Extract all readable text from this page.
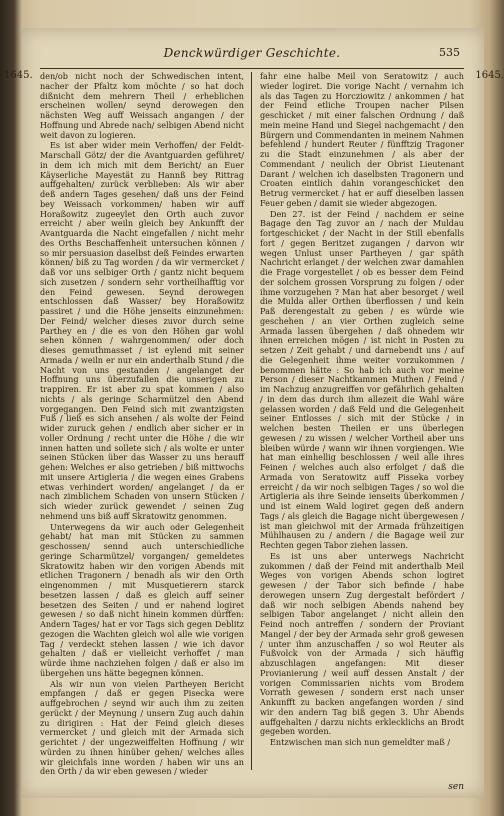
Denckwürdiger Geschichte.	535
1645.	1645.

den/ob nicht noch der Schwedischen intent, nacher der Pfaltz kom möchte / so hat doch dißnicht dem mehrern Theil / erheblichen erscheinen wollen/ seynd derowegen den nächsten Weg auff Weissach angangen / der Hoffnung und Abrede nach/ selbigen Abend nicht weit davon zu logieren.

Es ist aber wider mein Verhoffen/ der Feldt-Marschall Götz/ der die Avantguarden geführet/ in dem ich mich mit dem Bericht/ an Euer Käyserliche Mayestät zu Hannß bey Rittrag auffgehalten/ zurück verblieben: Als wir aber deß andern Tages gesehen/ daß uns der Feind bey Weissach vorkommen/ haben wir auff Horaßowitz zugeeylet den Orth auch zuvor erreicht / aber weiln gleich bey Ankunfft der Avantguarda die Nacht eingefallen / nicht mehr des Orths Beschaffenheit untersuchen können / so mir persuasion daselbst deß Feindes erwarten können/ biß zu Tag worden / da wir vermercket / daß vor uns selbiger Orth / gantz nicht bequem sich zusetzen / sondern sehr vortheilhafftig vor den Feind gewesen. Seynd derowegen entschlossen daß Wasser/ bey Horaßowitz passiret / und die Höhe jenseits einzunehmen: Der Feind/ welcher dieses zuvor durch seine Parthey en / die es von den Höhen gar wohl sehen können / wahrgenommen/ oder doch dieses gemuthmasset / ist eylend mit seiner Armada / weiln er nur ein anderthalb Stund / die Nacht von uns gestanden / angelanget der Hoffnung uns überzufallen die unserigen zu trappiren. Er ist aber zu spat kommen / also nichts / als geringe Scharmützel den Abend vorgegangen. Den Feind sich mit zwantzigsten Fuß / ließ es sich ansehen / als wolte der Feind wider zuruck gehen / endlich aber sicher er in voller Ordnung / recht unter die Höhe / die wir innen hatten und sollete sich / als wolte er unter seinen Stücken über das Wasser zu uns herauff gehen: Welches er also getrieben / biß mittwochs mit unsere Artigleria / die wegen eines Grabens etwas verhindert worden/ angelanget / da er nach zimblichem Schaden von unsern Stücken / sich wieder zurück gewendet / seinen Zug nehmend uns biß auff Skratowitz genommen.

Unterwegens da wir auch oder Gelegenheit gehabt/ hat man mit Stücken zu sammen geschossen/ sennd auch unterschiedliche geringe Scharmützel/ vorgangen/ gemeldetes Skratowitz haben wir den vorigen Abends mit etlichen Tragonern / benadh als wir den Orth eingenommen / mit Musquetierern starck besetzen lassen / daß es gleich auff seiner besetzen des Seiten / und er nahend logiret gewesen / so daß nicht hinein kommen dürffen: Andern Tages/ hat er vor Tags sich gegen Deblitz gezogen die Wachten gleich wol alle wie vorigen Tag / verdeckt stehen lassen / wie ich davor gehalten / daß er vielleicht verhoffet / man würde ihme nachziehen folgen / daß er also im übergehen uns hätte begegnen können.

Als wir nun von vielen Partheyen Bericht empfangen / daß er gegen Pisecka were auffgebrochen / seynd wir auch ihm zu zeiten gerückt / der Meynung / unsern Zug auch dahin zu dirigiren : Hat der Feind gleich dieses vermercket / und gleich mit der Armada sich gerichtet / der ungezweiffelten Hoffnung / wir würden zu ihnen hinüber gehen/ welches alles wir gleichfals inne worden / haben wir uns an den Orth / da wir eben gewesen / wieder

fahr eine halbe Meil von Seratowitz / auch wieder logiret. Die vorige Nacht / vernahm ich als das Tagen zu Horcziowitz / ankommen / hat der Feind etliche Troupen nacher Pilsen geschicket / mit einer falschen Ordnung / daß mein meine Hand und Siegel nachgemacht / den Bürgern und Commendanten in meinem Nahmen befehlend / hundert Reuter / fünfftzig Tragoner zu die Stadt einzunehmen / als aber der Commendant / neulich der Obrist Lieutenant Darant / welchen ich daselbsten Tragonern und Croaten eintlich dahin vorangeschicket den Betrug vermercket / hat er auff dieselben lassen Feuer geben / damit sie wieder abgezogen.

Den 27. ist der Feind / nachdem er seine Bagage den Tag zuvor an / nach der Muldau fortgeschicket / der Nacht in der Still ebenfalls fort / gegen Beritzet zugangen / darvon wir wegen Unlust unser Partheyen / gar späth Nachricht erlanget / der welchen zwar damahlen die Frage vorgestellet / ob es besser dem Feind der solchem grossen Vorsprung zu folgen / oder ihme vorzugehen ? Man hat aber besorget / weil die Mulda aller Orthen überflossen / und kein Paß derengestalt zu geben / es würde wie geschehen / an vier Orthen zugleich seine Armada lassen übergehen / daß ohnedem wir ihnen erreichen mögen / ist nicht in Posten zu setzen / Zeit gehabt / und darnebendt uns / auf die Gelegenheit ihme weiter vorzukommen / benommen hätte : So hab ich auch vor meine Person / dieser Nachtkammen Muthen / Feind / im Nachzug anzugreiffen vor gefährlich gehalten / in dem das durch ihm allezeit die Wahl wäre gelassen worden / daß Feld und die Gelegenheit seiner Entlosses / sich mit der Stücke / in welchen besten Theilen er uns überlegen gewesen / zu wissen / welcher Vortheil aber uns bleiben würde / wann wir ihnen vorgiengen. Wie hat man einhellig beschlossen / weil alle ihres Feinen / welches auch also erfolget / daß die Armada von Seratowitz auff Pisseka vorbey erreicht / da wir noch selbigen Tages / so wol die Artigleria als ihre Seinde ienseits überkommen / und ist einem Wald logiret gegen deß andern Tags / als gleich die Bagage nicht übergewesen / ist man gleichwol mit der Armada frühzeitigen Mühlhausen zu / andern / die Bagage weil zur Rechten gegen Tabor ziehen lassen.

Es ist uns aber unterwegs Nachricht zukommen / daß der Feind mit anderthalb Meil Weges von vorigen Abends schon logiret gewesen / der Tabor sich befinde / habe derowegen unsern Zug dergestalt befördert / daß wir noch selbigen Abends nahend bey selbigen Tabor angelanget / nicht allein den Feind noch antreffen / sondern der Proviant Mangel / der bey der Armada sehr groß gewesen / unter ihm anzuschaffen / so wol Reuter als Fußvolck von der Armada / sich häuffig abzuschlagen angefangen: Mit dieser Provianierung / weil auff dessen Anstalt / der vorigen Commissarien nichts vom Brodem Vorrath gewesen / sondern erst nach unser Ankunfft zu backen angefangen worden / sind wir den andern Tag biß gegen 3. Uhr Abends auffgehalten / darzu nichts erklecklichs an Brodt gegeben worden.

Entzwischen man sich nun gemeldter maß /

sen
